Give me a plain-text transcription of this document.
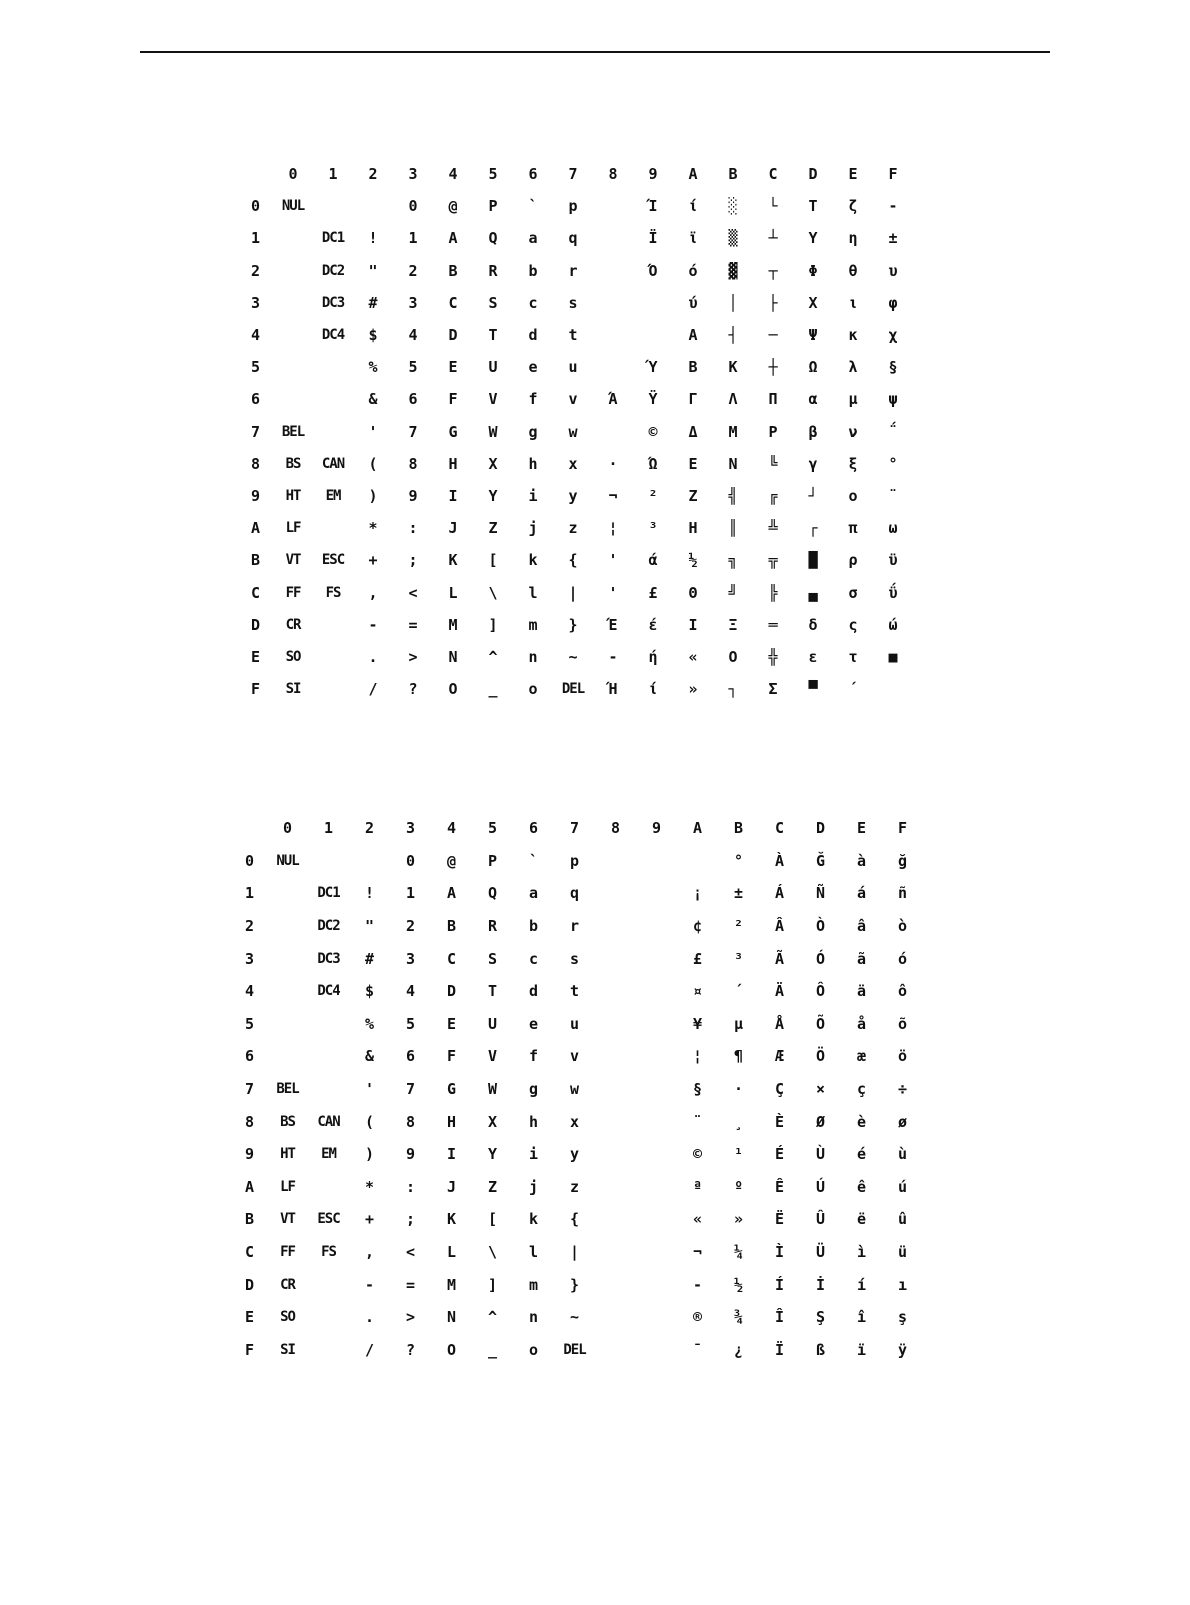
	0	1	2	3	4	5	6	7	8	9	A	B	C	D	E	F
0	NUL			0	@	P	`	p		Ί	ί	░	└	Τ	ζ	-
1		DC1	!	1	A	Q	a	q		Ϊ	ϊ	▒	┴	Υ	η	±
2		DC2	"	2	B	R	b	r		Ό	ό	▓	┬	Φ	θ	υ
3		DC3	#	3	C	S	c	s			ύ	│	├	Χ	ι	φ
4		DC4	$	4	D	T	d	t			Α	┤	─	Ψ	κ	χ
5			%	5	E	U	e	u		Ύ	Β	Κ	┼	Ω	λ	§
6			&	6	F	V	f	v	Ά	Ϋ	Γ	Λ	Π	α	μ	ψ
7	BEL		'	7	G	W	g	w		©	Δ	Μ	Ρ	β	ν	΅
8	BS	CAN	(	8	H	X	h	x	·	Ώ	Ε	Ν	╚	γ	ξ	°
9	HT	EM	)	9	I	Y	i	y	¬	²	Ζ	╣	╔	┘	ο	¨
A	LF		*	:	J	Z	j	z	¦	³	Η	║	╩	┌	π	ω
B	VT	ESC	+	;	K	[	k	{	'	ά	½	╗	╦	█	ρ	ϋ
C	FF	FS	,	<	L	\	l	|	'	£	Θ	╝	╠	▄	σ	ΰ
D	CR		-	=	M	]	m	}	Έ	έ	Ι	Ξ	═	δ	ς	ώ
E	SO		.	>	N	^	n	~	-	ή	«	Ο	╬	ε	τ	■
F	SI		/	?	O	_	o	DEL	Ή	ί	»	┐	Σ	▀	΄	
	0	1	2	3	4	5	6	7	8	9	A	B	C	D	E	F
0	NUL			0	@	P	`	p				°	À	Ğ	à	ğ
1		DC1	!	1	A	Q	a	q			¡	±	Á	Ñ	á	ñ
2		DC2	"	2	B	R	b	r			¢	²	Â	Ò	â	ò
3		DC3	#	3	C	S	c	s			£	³	Ã	Ó	ã	ó
4		DC4	$	4	D	T	d	t			¤	´	Ä	Ô	ä	ô
5			%	5	E	U	e	u			¥	µ	Å	Õ	å	õ
6			&	6	F	V	f	v			¦	¶	Æ	Ö	æ	ö
7	BEL		'	7	G	W	g	w			§	·	Ç	×	ç	÷
8	BS	CAN	(	8	H	X	h	x			¨	¸	È	Ø	è	ø
9	HT	EM	)	9	I	Y	i	y			©	¹	É	Ù	é	ù
A	LF		*	:	J	Z	j	z			ª	º	Ê	Ú	ê	ú
B	VT	ESC	+	;	K	[	k	{			«	»	Ë	Û	ë	û
C	FF	FS	,	<	L	\	l	|			¬	¼	Ì	Ü	ì	ü
D	CR		-	=	M	]	m	}			-	½	Í	İ	í	ı
E	SO		.	>	N	^	n	~			®	¾	Î	Ş	î	ş
F	SI		/	?	O	_	o	DEL			¯	¿	Ï	ß	ï	ÿ
